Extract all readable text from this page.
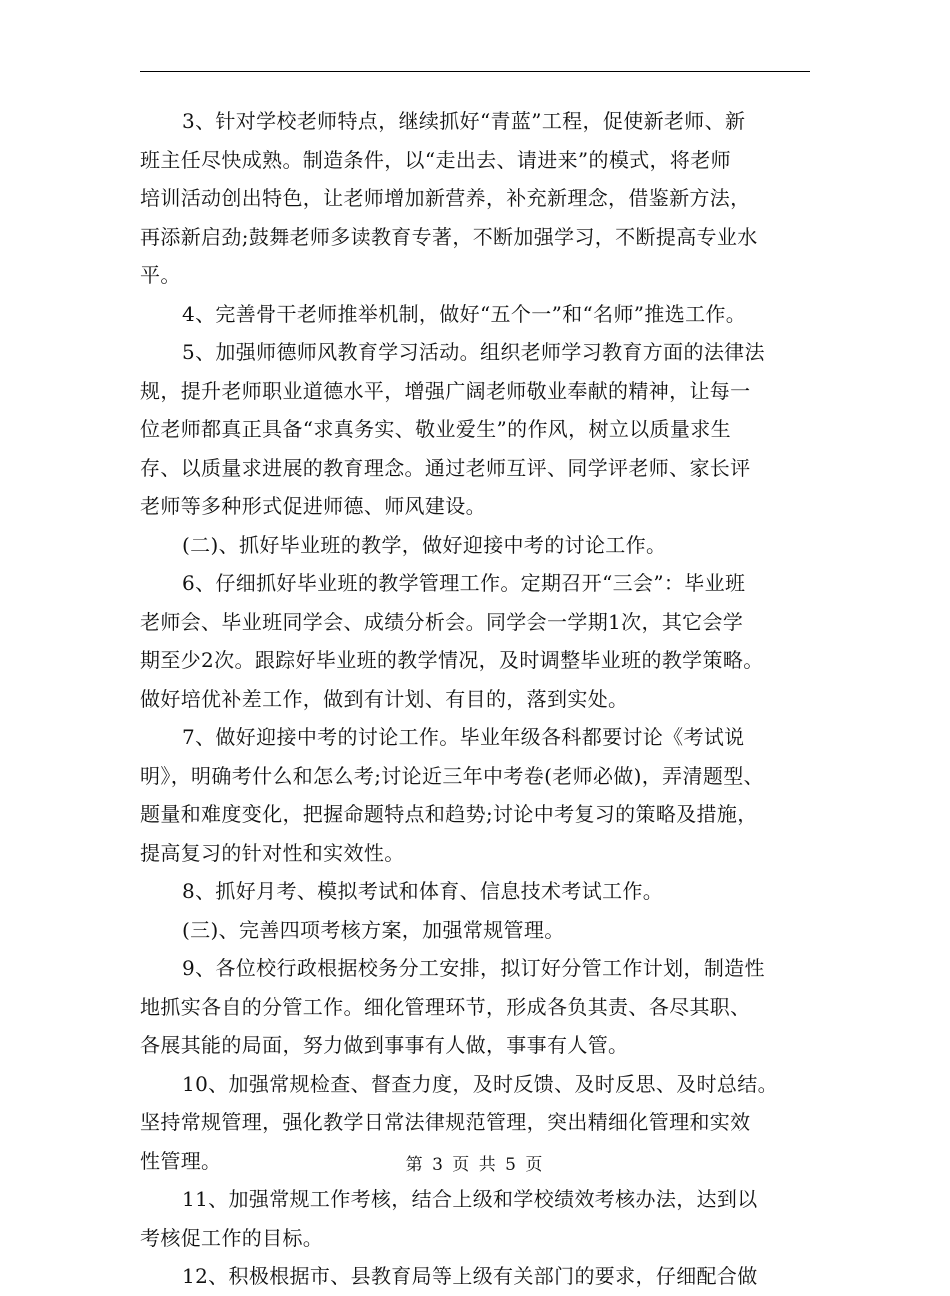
3、针对学校老师特点，继续抓好“青蓝”工程，促使新老师、新
班主任尽快成熟。制造条件，以“走出去、请进来”的模式，将老师
培训活动创出特色，让老师增加新营养，补充新理念，借鉴新方法，
再添新启劲;鼓舞老师多读教育专著，不断加强学习，不断提高专业水
平。
4、完善骨干老师推举机制，做好“五个一”和“名师”推选工作。
5、加强师德师风教育学习活动。组织老师学习教育方面的法律法
规，提升老师职业道德水平，增强广阔老师敬业奉献的精神，让每一
位老师都真正具备“求真务实、敬业爱生”的作风，树立以质量求生
存、以质量求进展的教育理念。通过老师互评、同学评老师、家长评
老师等多种形式促进师德、师风建设。
(二)、抓好毕业班的教学，做好迎接中考的讨论工作。
6、仔细抓好毕业班的教学管理工作。定期召开“三会”：毕业班
老师会、毕业班同学会、成绩分析会。同学会一学期1次，其它会学
期至少2次。跟踪好毕业班的教学情况，及时调整毕业班的教学策略。
做好培优补差工作，做到有计划、有目的，落到实处。
7、做好迎接中考的讨论工作。毕业年级各科都要讨论《考试说
明》，明确考什么和怎么考;讨论近三年中考卷(老师必做)，弄清题型、
题量和难度变化，把握命题特点和趋势;讨论中考复习的策略及措施，
提高复习的针对性和实效性。
8、抓好月考、模拟考试和体育、信息技术考试工作。
(三)、完善四项考核方案，加强常规管理。
9、各位校行政根据校务分工安排，拟订好分管工作计划，制造性
地抓实各自的分管工作。细化管理环节，形成各负其责、各尽其职、
各展其能的局面，努力做到事事有人做，事事有人管。
10、加强常规检查、督查力度，及时反馈、及时反思、及时总结。
坚持常规管理，强化教学日常法律规范管理，突出精细化管理和实效
性管理。
11、加强常规工作考核，结合上级和学校绩效考核办法，达到以
考核促工作的目标。
12、积极根据市、县教育局等上级有关部门的要求，仔细配合做
第 3 页 共 5 页
